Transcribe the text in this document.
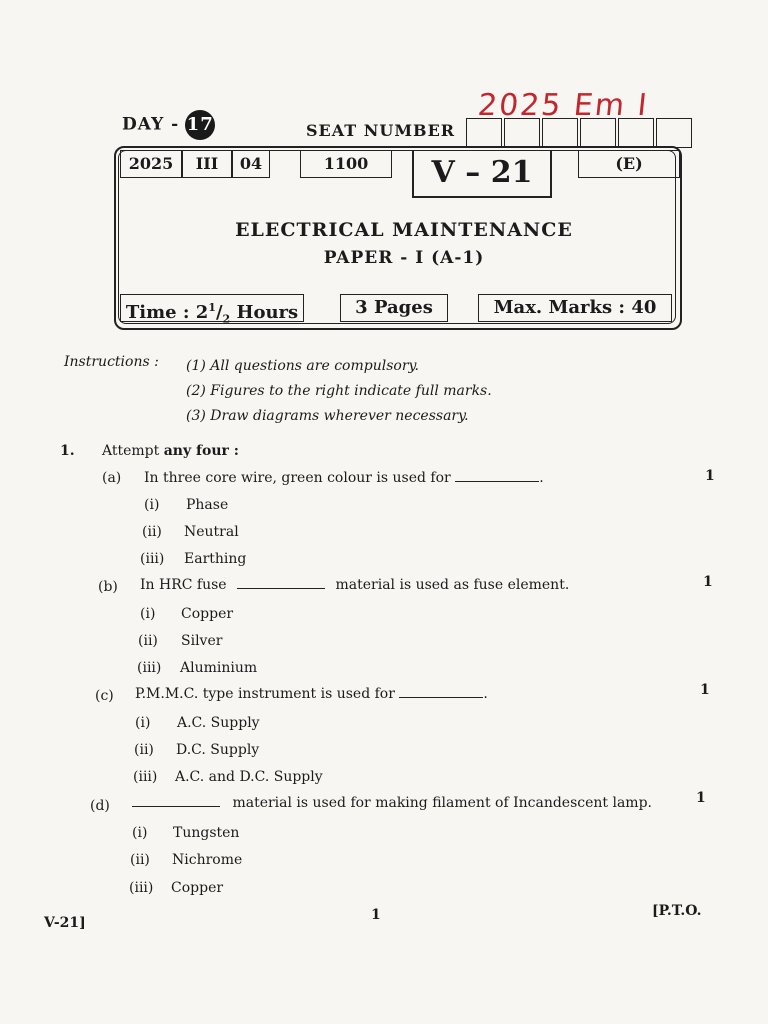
2025 Em I
DAY - 17	SEAT NUMBER
2025	III	04	1100	V – 21	(E)
ELECTRICAL MAINTENANCE
PAPER - I (A-1)
Time : $2^1/_2$ Hours	3 Pages	Max. Marks : 40
Instructions : (1) All questions are compulsory.
(2) Figures to the right indicate full marks.
(3) Draw diagrams wherever necessary.
1. Attempt any four :
(a) In three core wire, green colour is used for	.	1
(i) Phase
(ii) Neutral
(iii) Earthing
(b) In HRC fuse	material is used as fuse element.	1
(i) Copper
(ii) Silver
(iii) Aluminium
(c) P.M.M.C. type instrument is used for	.	1
(i) A.C. Supply
(ii) D.C. Supply
(iii) A.C. and D.C. Supply
(d)	material is used for making filament of Incandescent lamp.	1
(i) Tungsten
(ii) Nichrome
(iii) Copper
V-21]	1	[P.T.O.
